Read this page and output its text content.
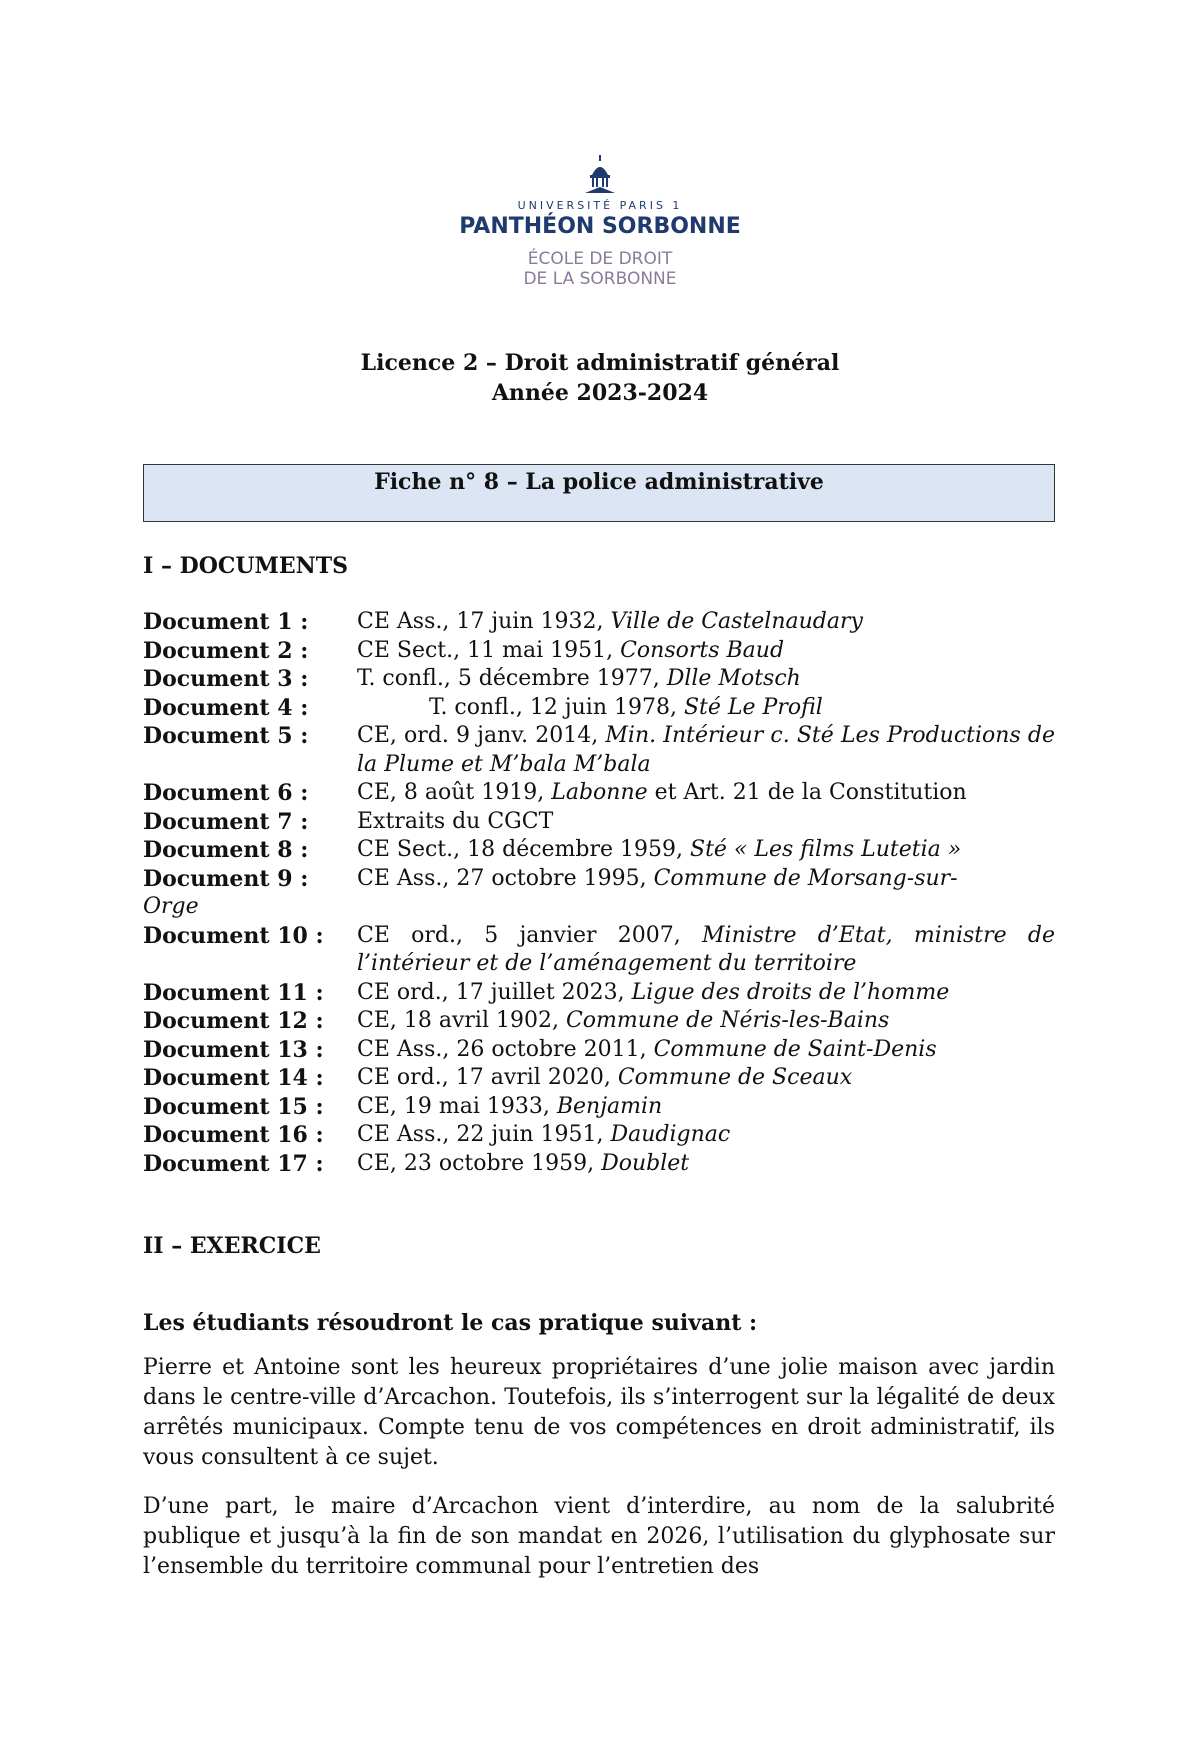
UNIVERSITÉ PARIS 1
PANTHÉON SORBONNE
ÉCOLE DE DROIT
DE LA SORBONNE
Licence 2 – Droit administratif général
Année 2023-2024
Fiche n° 8 – La police administrative
I – DOCUMENTS
Document 1 :	CE Ass., 17 juin 1932, Ville de Castelnaudary
Document 2 :	CE Sect., 11 mai 1951, Consorts Baud
Document 3 :	T. confl., 5 décembre 1977, Dlle Motsch
Document 4 :	T. confl., 12 juin 1978, Sté Le Profil
Document 5 :	CE, ord. 9 janv. 2014, Min. Intérieur c. Sté Les Productions de la Plume et M’bala M’bala
Document 6 :	CE, 8 août 1919, Labonne et Art. 21 de la Constitution
Document 7 :	Extraits du CGCT
Document 8 :	CE Sect., 18 décembre 1959, Sté « Les films Lutetia »
Document 9 :	CE Ass., 27 octobre 1995, Commune de Morsang-sur-
Orge
Document 10 :	CE ord., 5 janvier 2007, Ministre d’Etat, ministre de l’intérieur et de l’aménagement du territoire
Document 11 :	CE ord., 17 juillet 2023, Ligue des droits de l’homme
Document 12 :	CE, 18 avril 1902, Commune de Néris-les-Bains
Document 13 :	CE Ass., 26 octobre 2011, Commune de Saint-Denis
Document 14 :	CE ord., 17 avril 2020, Commune de Sceaux
Document 15 :	CE, 19 mai 1933, Benjamin
Document 16 :	CE Ass., 22 juin 1951, Daudignac
Document 17 :	CE, 23 octobre 1959, Doublet
II – EXERCICE
Les étudiants résoudront le cas pratique suivant :
Pierre et Antoine sont les heureux propriétaires d’une jolie maison avec jardin dans le centre-ville d’Arcachon. Toutefois, ils s’interrogent sur la légalité de deux arrêtés municipaux. Compte tenu de vos compétences en droit administratif, ils vous consultent à ce sujet.
D’une part, le maire d’Arcachon vient d’interdire, au nom de la salubrité publique et jusqu’à la fin de son mandat en 2026, l’utilisation du glyphosate sur l’ensemble du territoire communal pour l’entretien des
